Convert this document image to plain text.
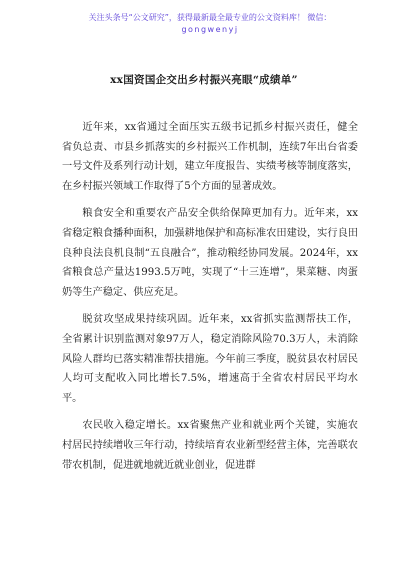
关注头条号“公文研究”，获得最新最全最专业的公文资料库！ 微信：
gongwenyj
xx国资国企交出乡村振兴亮眼“成绩单”

近年来，xx省通过全面压实五级书记抓乡村振兴责任，健全省负总责、市县乡抓落实的乡村振兴工作机制，连续7年出台省委一号文件及系列行动计划，建立年度报告、实绩考核等制度落实，在乡村振兴领域工作取得了5个方面的显著成效。

粮食安全和重要农产品安全供给保障更加有力。近年来，xx省稳定粮食播种面积，加强耕地保护和高标准农田建设，实行良田良种良法良机良制“五良融合”，推动粮经协同发展。2024年，xx省粮食总产量达1993.5万吨，实现了“十三连增”，果菜糖、肉蛋奶等生产稳定、供应充足。

脱贫攻坚成果持续巩固。近年来，xx省抓实监测帮扶工作，全省累计识别监测对象97万人，稳定消除风险70.3万人，未消除风险人群均已落实精准帮扶措施。今年前三季度，脱贫县农村居民人均可支配收入同比增长7.5%，增速高于全省农村居民平均水平。

农民收入稳定增长。xx省聚焦产业和就业两个关键，实施农村居民持续增收三年行动，持续培育农业新型经营主体，完善联农带农机制，促进就地就近就业创业，促进群
